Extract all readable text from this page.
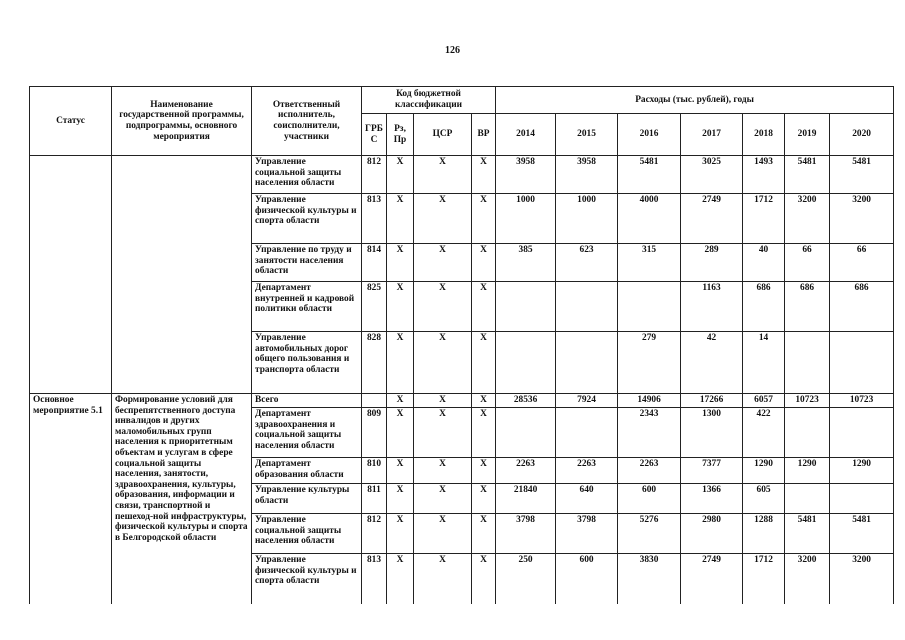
126
Статус	Наименование государственной программы, подпрограммы, основного мероприятия	Ответственный исполнитель, соисполнители, участники	Код бюджетной классификации				Расходы (тыс. рублей), годы						
			ГРБ С	Рз, Пр	ЦСР	ВР	2014	2015	2016	2017	2018	2019	2020
		Управление социальной защиты населения области	812	Х	Х	Х	3958	3958	5481	3025	1493	5481	5481
		Управление физической культуры и спорта области	813	Х	Х	Х	1000	1000	4000	2749	1712	3200	3200
		Управление по труду и занятости населения области	814	Х	Х	Х	385	623	315	289	40	66	66
		Департамент внутренней и кадровой политики области	825	Х	Х	Х				1163	686	686	686
		Управление автомобильных дорог общего пользования и транспорта области	828	Х	Х	Х			279	42	14		
Основное мероприятие 5.1	Формирование условий для беспрепятственного доступа инвалидов и других маломобильных групп населения к приоритетным объектам и услугам в сфере социальной защиты населения, занятости, здравоохранения, культуры, образования, информации и связи, транспортной и пешеход-ной инфраструктуры, физической культуры и спорта в Белгородской области	Всего		Х	Х	Х	28536	7924	14906	17266	6057	10723	10723
		Департамент здравоохранения и социальной защиты населения области	809	Х	Х	Х			2343	1300	422		
		Департамент образования области	810	Х	Х	Х	2263	2263	2263	7377	1290	1290	1290
		Управление культуры области	811	Х	Х	Х	21840	640	600	1366	605		
		Управление социальной защиты населения области	812	Х	Х	Х	3798	3798	5276	2980	1288	5481	5481
		Управление физической культуры и спорта области	813	Х	Х	Х	250	600	3830	2749	1712	3200	3200
